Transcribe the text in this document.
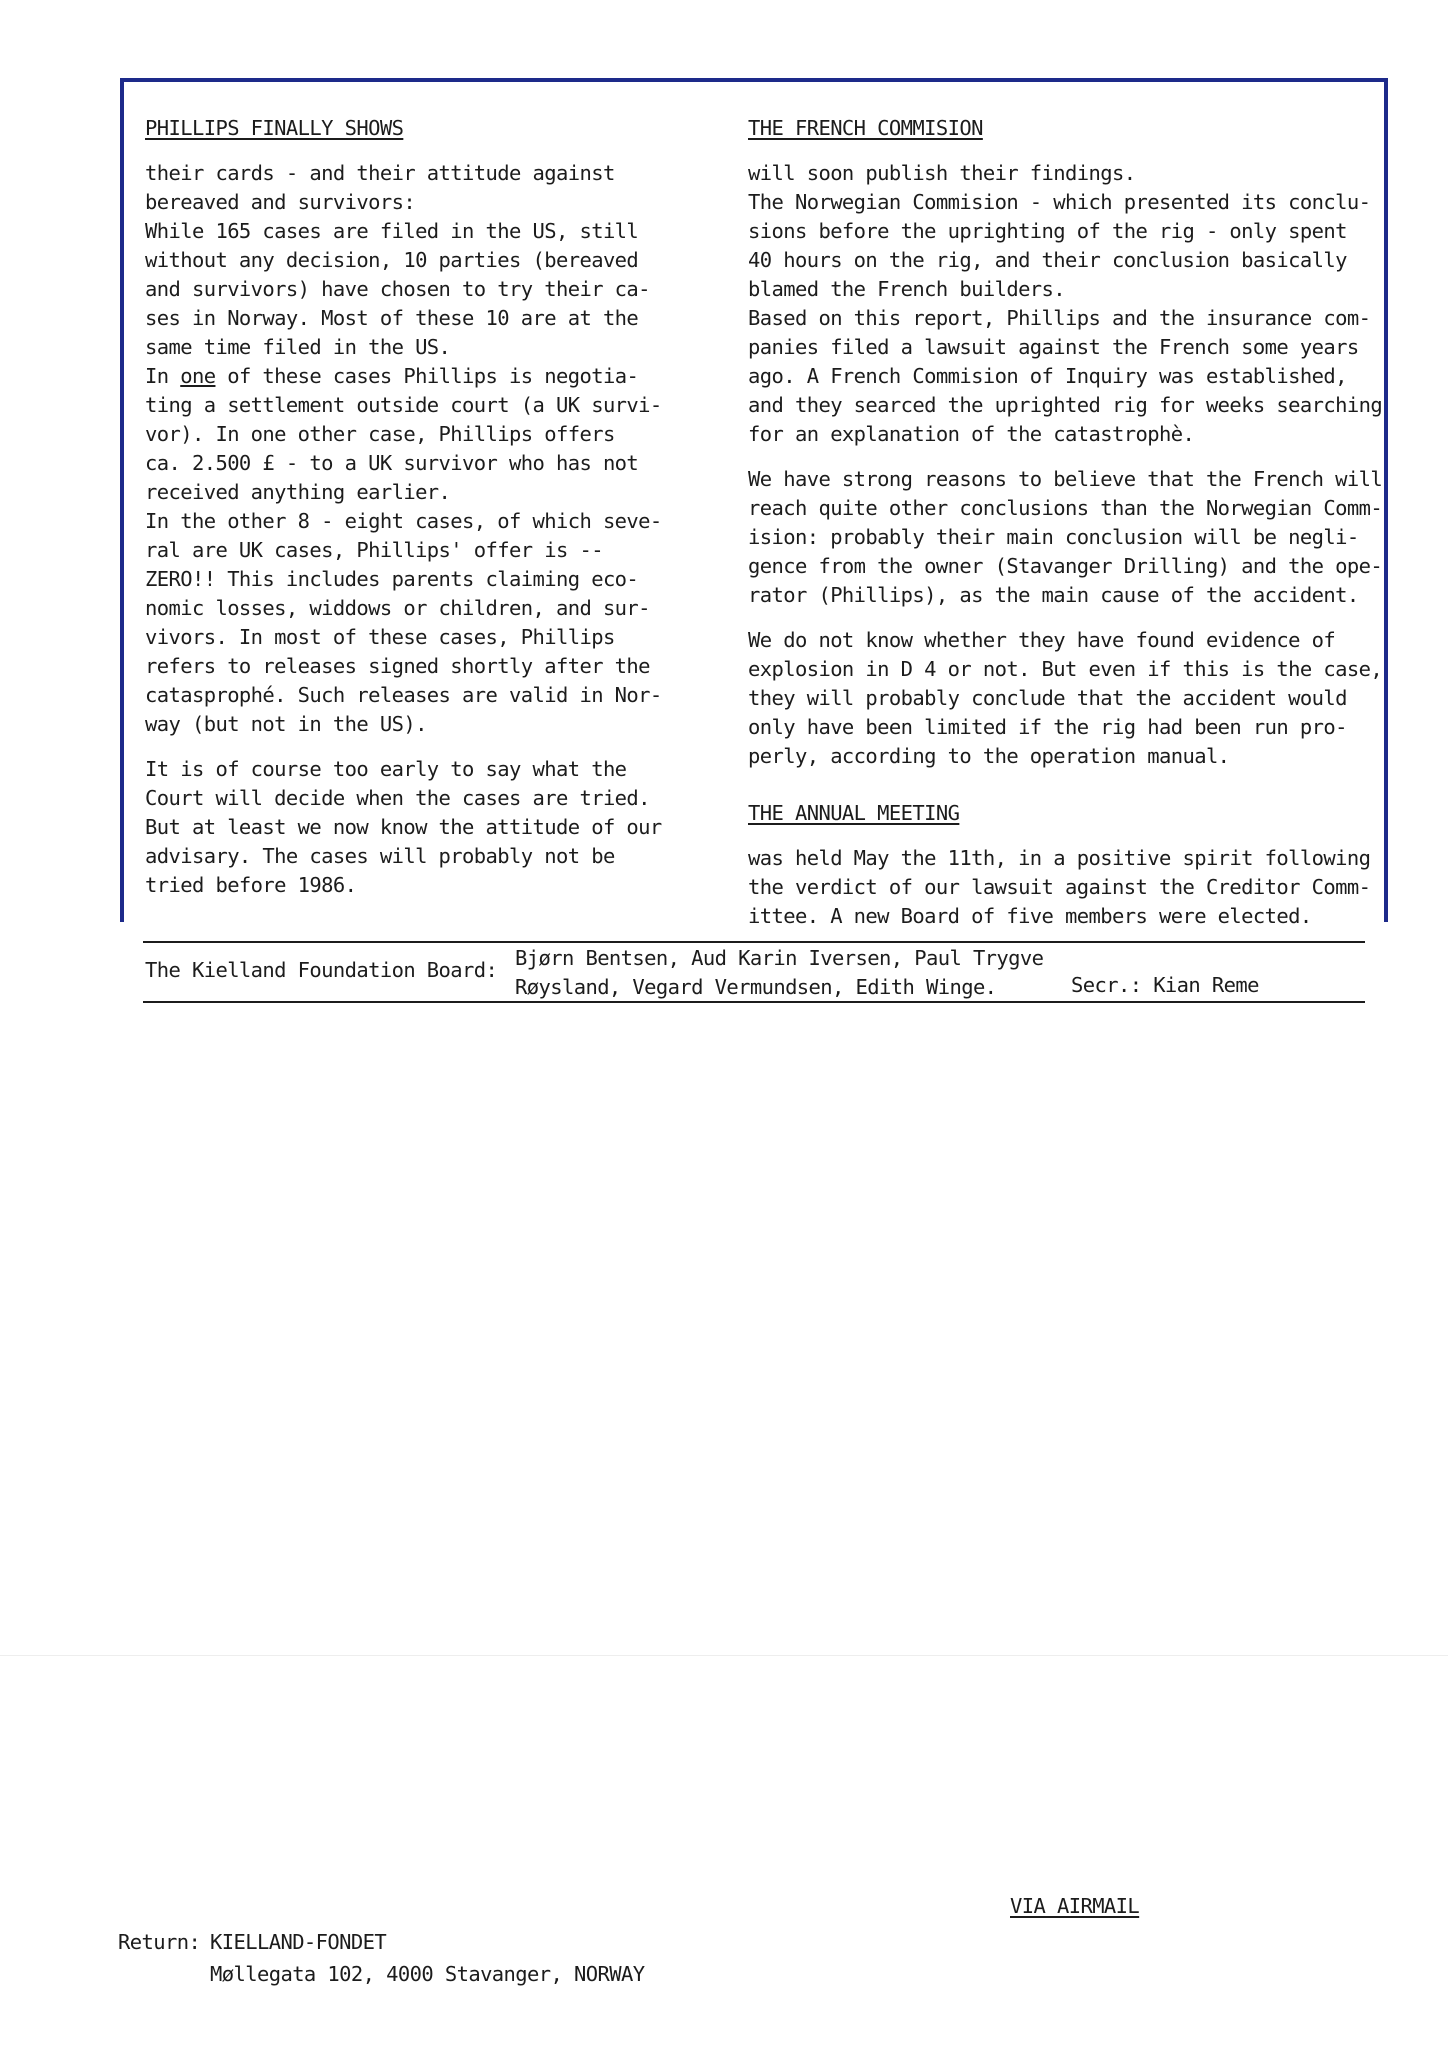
PHILLIPS FINALLY SHOWS

their cards - and their attitude against
bereaved and survivors:
While 165 cases are filed in the US, still
without any decision, 10 parties (bereaved
and survivors) have chosen to try their ca-
ses in Norway. Most of these 10 are at the
same time filed in the US.

In one of these cases Phillips is negotia-
ting a settlement outside court (a UK survi-
vor). In one other case, Phillips offers
ca. 2.500 £ - to a UK survivor who has not
received anything earlier.
In the other 8 - eight cases, of which seve-
ral are UK cases, Phillips' offer is --
ZERO!! This includes parents claiming eco-
nomic losses, widdows or children, and sur-
vivors. In most of these cases, Phillips
refers to releases signed shortly after the
catasprophé. Such releases are valid in Nor-
way (but not in the US).

It is of course too early to say what the
Court will decide when the cases are tried.
But at least we now know the attitude of our
advisary. The cases will probably not be
tried before 1986.

THE FRENCH COMMISION

will soon publish their findings.
The Norwegian Commision - which presented its conclu-
sions before the uprighting of the rig - only spent
40 hours on the rig, and their conclusion basically
blamed the French builders.
Based on this report, Phillips and the insurance com-
panies filed a lawsuit against the French some years
ago. A French Commision of Inquiry was established,
and they searced the uprighted rig for weeks searching
for an explanation of the catastrophè.

We have strong reasons to believe that the French will
reach quite other conclusions than the Norwegian Comm-
ision: probably their main conclusion will be negli-
gence from the owner (Stavanger Drilling) and the ope-
rator (Phillips), as the main cause of the accident.

We do not know whether they have found evidence of
explosion in D 4 or not. But even if this is the case,
they will probably conclude that the accident would
only have been limited if the rig had been run pro-
perly, according to the operation manual.

THE ANNUAL MEETING

was held May the 11th, in a positive spirit following
the verdict of our lawsuit against the Creditor Comm-
ittee. A new Board of five members were elected.

The Kielland Foundation Board: Bjørn Bentsen, Aud Karin Iversen, Paul Trygve
Røysland, Vegard Vermundsen, Edith Winge.	Secr.: Kian Reme
VIA AIRMAIL
Return: KIELLAND-FONDET
Møllegata 102, 4000 Stavanger, NORWAY
